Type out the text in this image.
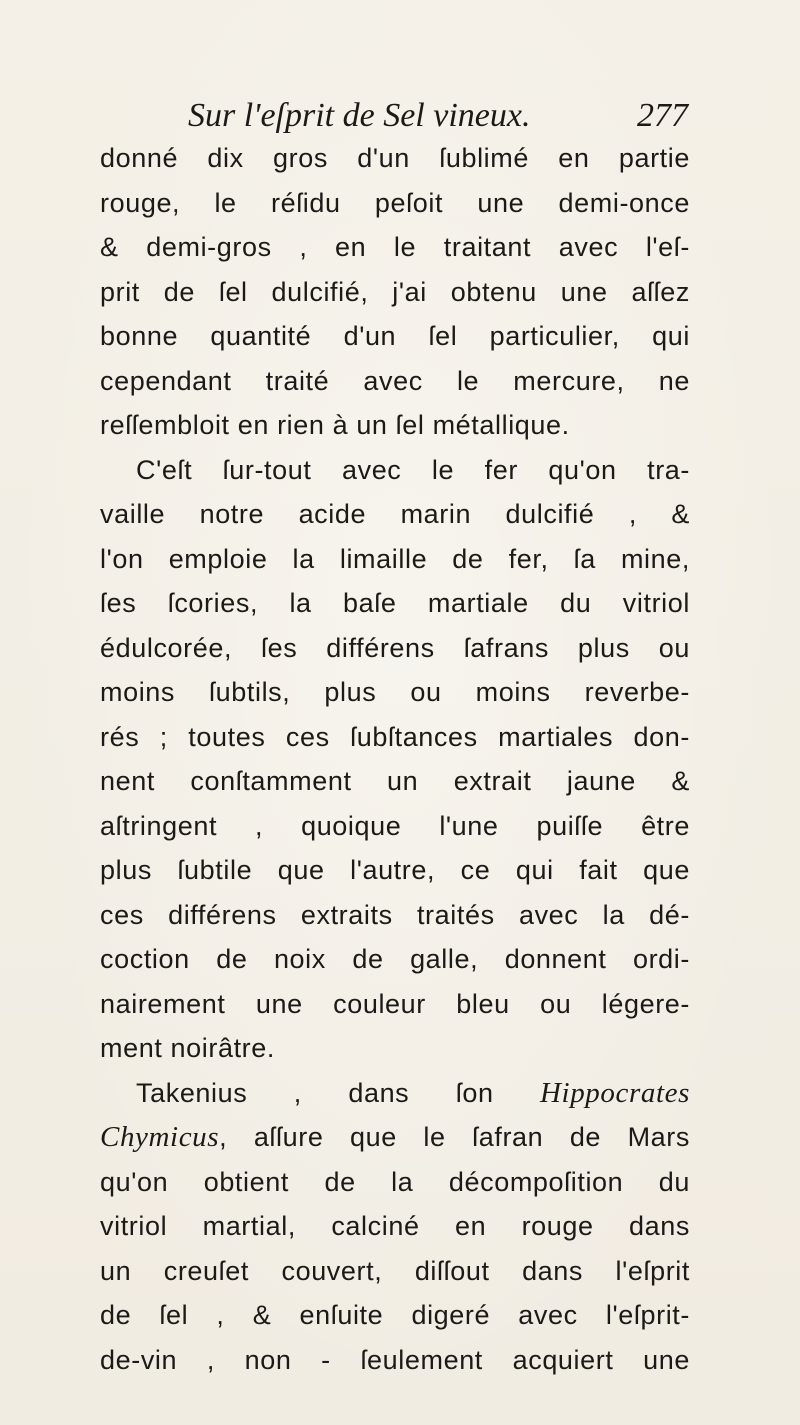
Sur l'eſprit de Sel vineux.	277
donné dix gros d'un ſublimé en partie
rouge, le réſidu peſoit une demi-once
& demi-gros , en le traitant avec l'eſ-
prit de ſel dulcifié, j'ai obtenu une aſſez
bonne quantité d'un ſel particulier, qui
cependant traité avec le mercure, ne
reſſembloit en rien à un ſel métallique.
C'eſt ſur-tout avec le fer qu'on tra-
vaille notre acide marin dulcifié , &
l'on emploie la limaille de fer, ſa mine,
ſes ſcories, la baſe martiale du vitriol
édulcorée, ſes différens ſafrans plus ou
moins ſubtils, plus ou moins reverbe-
rés ; toutes ces ſubſtances martiales don-
nent conſtamment un extrait jaune &
aſtringent , quoique l'une puiſſe être
plus ſubtile que l'autre, ce qui fait que
ces différens extraits traités avec la dé-
coction de noix de galle, donnent ordi-
nairement une couleur bleu ou légere-
ment noirâtre.
Takenius , dans ſon Hippocrates
Chymicus, aſſure que le ſafran de Mars
qu'on obtient de la décompoſition du
vitriol martial, calciné en rouge dans
un creuſet couvert, diſſout dans l'eſprit
de ſel , & enſuite digeré avec l'eſprit-
de-vin , non - ſeulement acquiert une
